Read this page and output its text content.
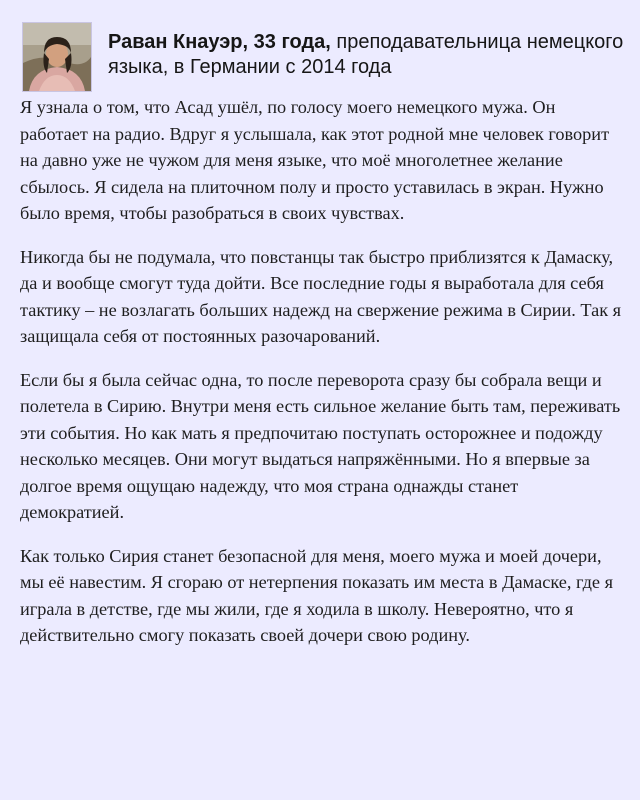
Раван Кнауэр, 33 года, преподавательница немецкого языка, в Германии с 2014 года

Я узнала о том, что Асад ушёл, по голосу моего немецкого мужа. Он работает на радио. Вдруг я услышала, как этот родной мне человек говорит на давно уже не чужом для меня языке, что моё многолетнее желание сбылось. Я сидела на плиточном полу и просто уставилась в экран. Нужно было время, чтобы разобраться в своих чувствах.

Никогда бы не подумала, что повстанцы так быстро приблизятся к Дамаску, да и вообще смогут туда дойти. Все последние годы я выработала для себя тактику – не возлагать больших надежд на свержение режима в Сирии. Так я защищала себя от постоянных разочарований.

Если бы я была сейчас одна, то после переворота сразу бы собрала вещи и полетела в Сирию. Внутри меня есть сильное желание быть там, переживать эти события. Но как мать я предпочитаю поступать осторожнее и подожду несколько месяцев. Они могут выдаться напряжёнными. Но я впервые за долгое время ощущаю надежду, что моя страна однажды станет демократией.

Как только Сирия станет безопасной для меня, моего мужа и моей дочери, мы её навестим. Я сгораю от нетерпения показать им места в Дамаске, где я играла в детстве, где мы жили, где я ходила в школу. Невероятно, что я действительно смогу показать своей дочери свою родину.
